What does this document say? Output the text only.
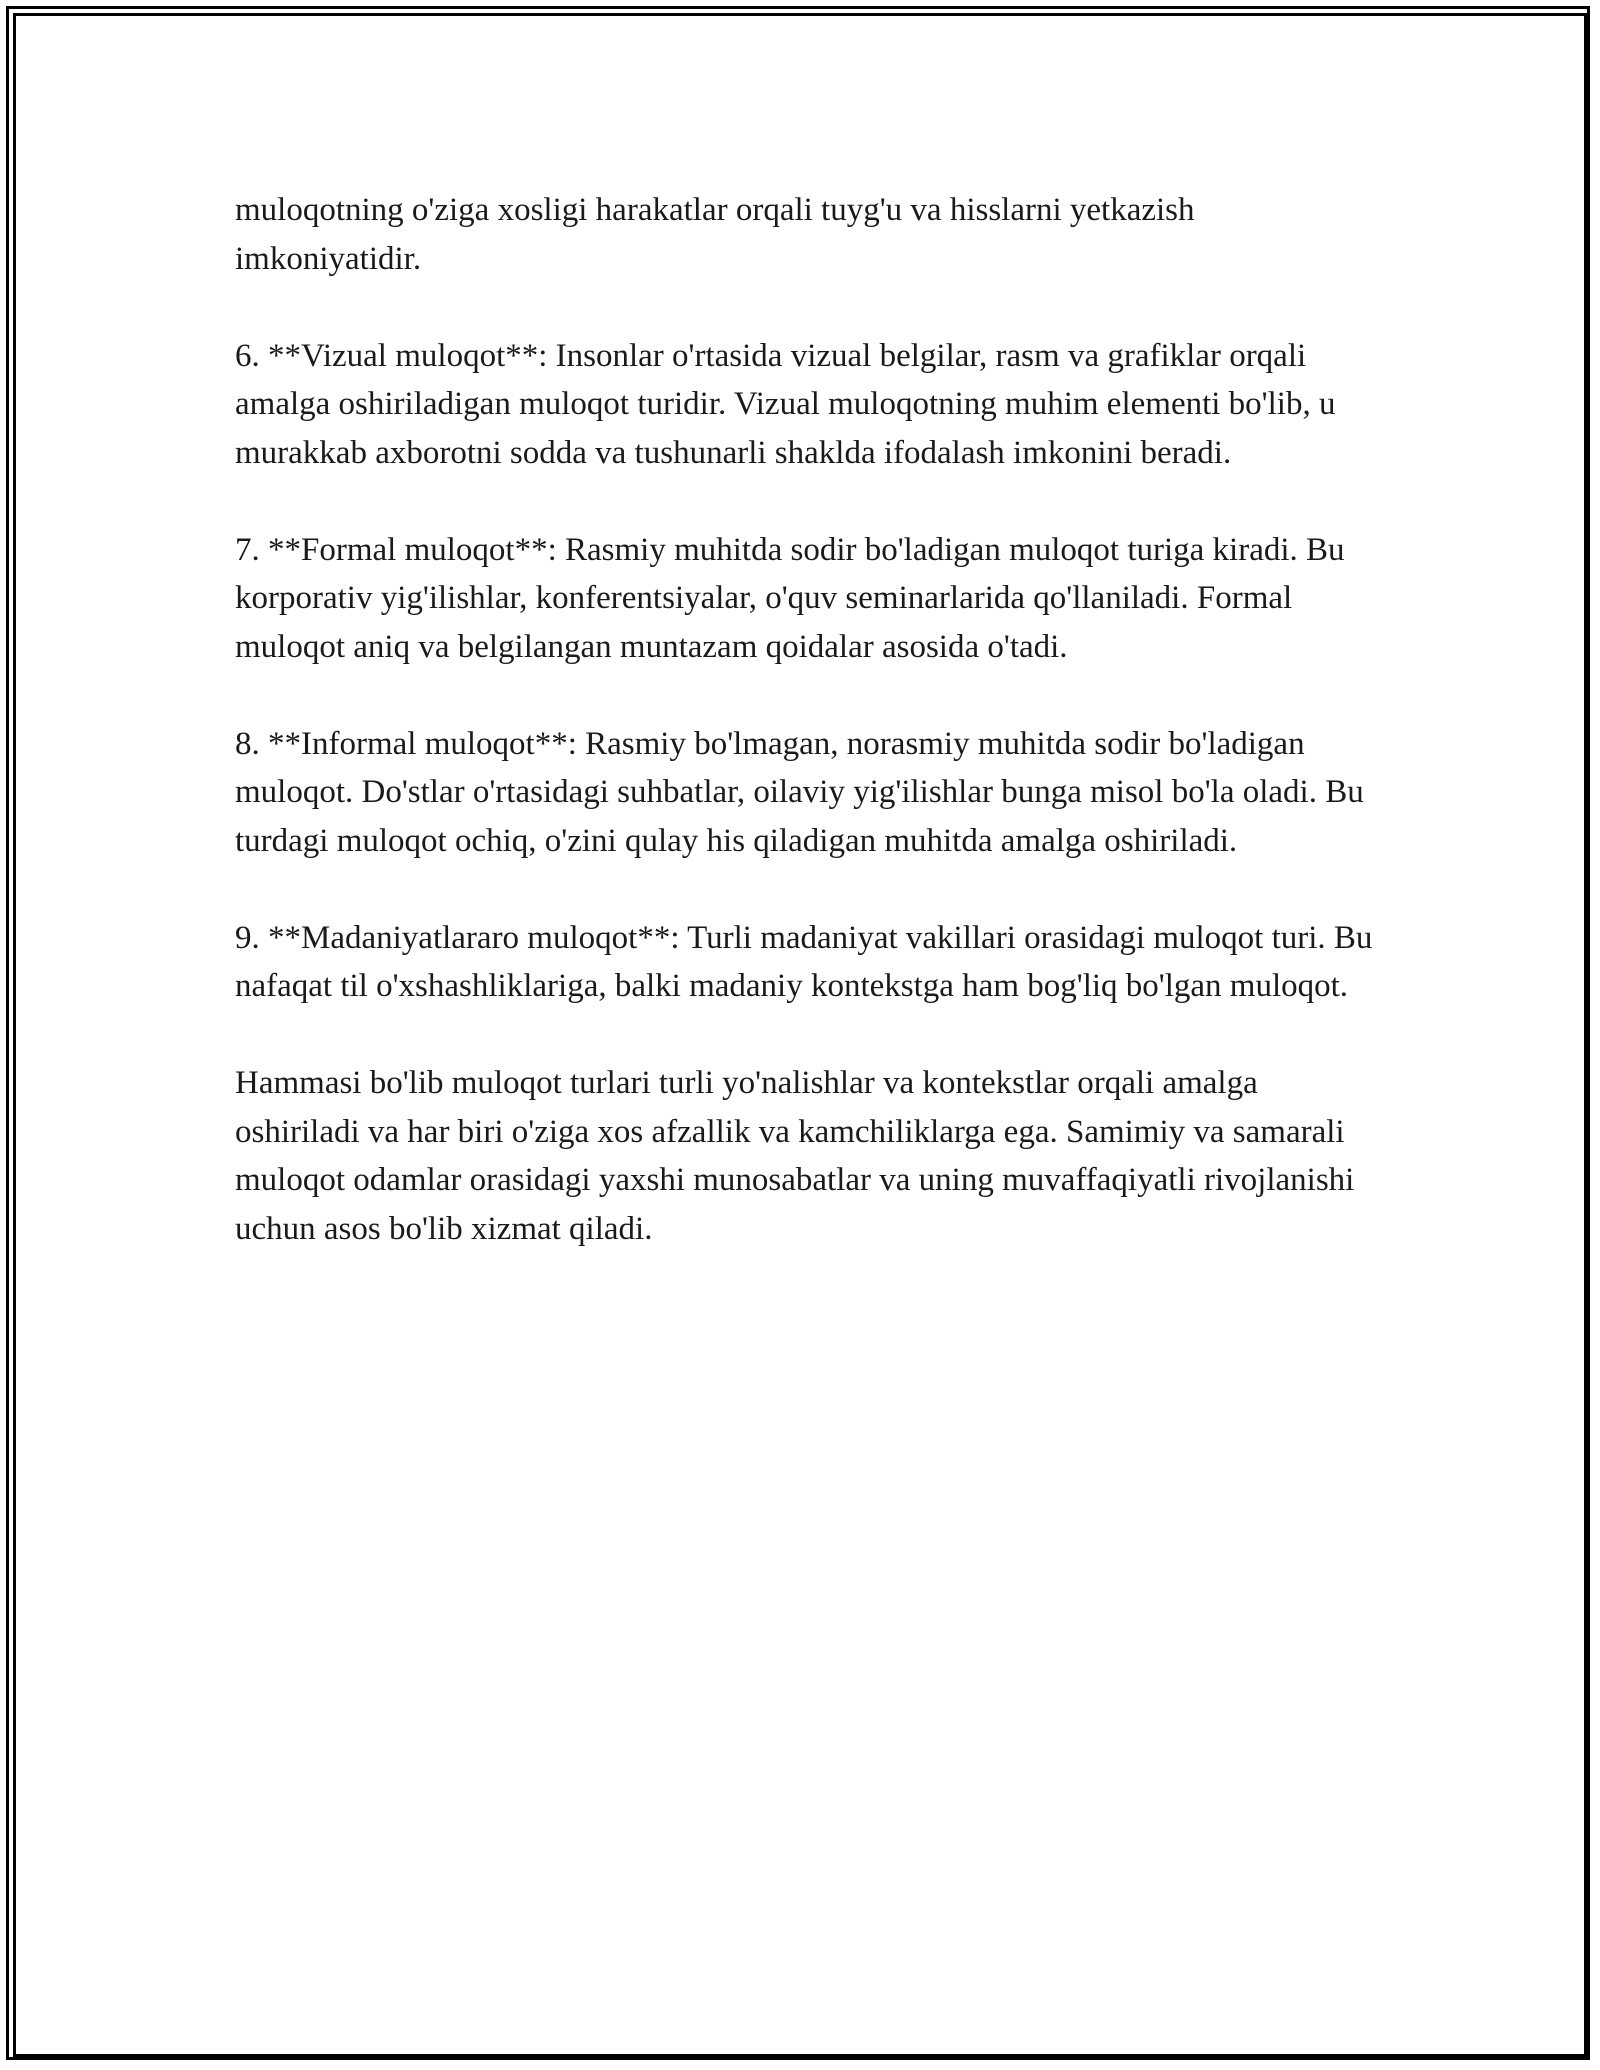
muloqotning o'ziga xosligi harakatlar orqali tuyg'u va hisslarni yetkazish imkoniyatidir.

6. **Vizual muloqot**: Insonlar o'rtasida vizual belgilar, rasm va grafiklar orqali amalga oshiriladigan muloqot turidir. Vizual muloqotning muhim elementi bo'lib, u murakkab axborotni sodda va tushunarli shaklda ifodalash imkonini beradi.

7. **Formal muloqot**: Rasmiy muhitda sodir bo'ladigan muloqot turiga kiradi. Bu korporativ yig'ilishlar, konferentsiyalar, o'quv seminarlarida qo'llaniladi. Formal muloqot aniq va belgilangan muntazam qoidalar asosida o'tadi.

8. **Informal muloqot**: Rasmiy bo'lmagan, norasmiy muhitda sodir bo'ladigan muloqot. Do'stlar o'rtasidagi suhbatlar, oilaviy yig'ilishlar bunga misol bo'la oladi. Bu turdagi muloqot ochiq, o'zini qulay his qiladigan muhitda amalga oshiriladi.

9. **Madaniyatlararo muloqot**: Turli madaniyat vakillari orasidagi muloqot turi. Bu nafaqat til o'xshashliklariga, balki madaniy kontekstga ham bog'liq bo'lgan muloqot.

Hammasi bo'lib muloqot turlari turli yo'nalishlar va kontekstlar orqali amalga oshiriladi va har biri o'ziga xos afzallik va kamchiliklarga ega. Samimiy va samarali muloqot odamlar orasidagi yaxshi munosabatlar va uning muvaffaqiyatli rivojlanishi uchun asos bo'lib xizmat qiladi.
